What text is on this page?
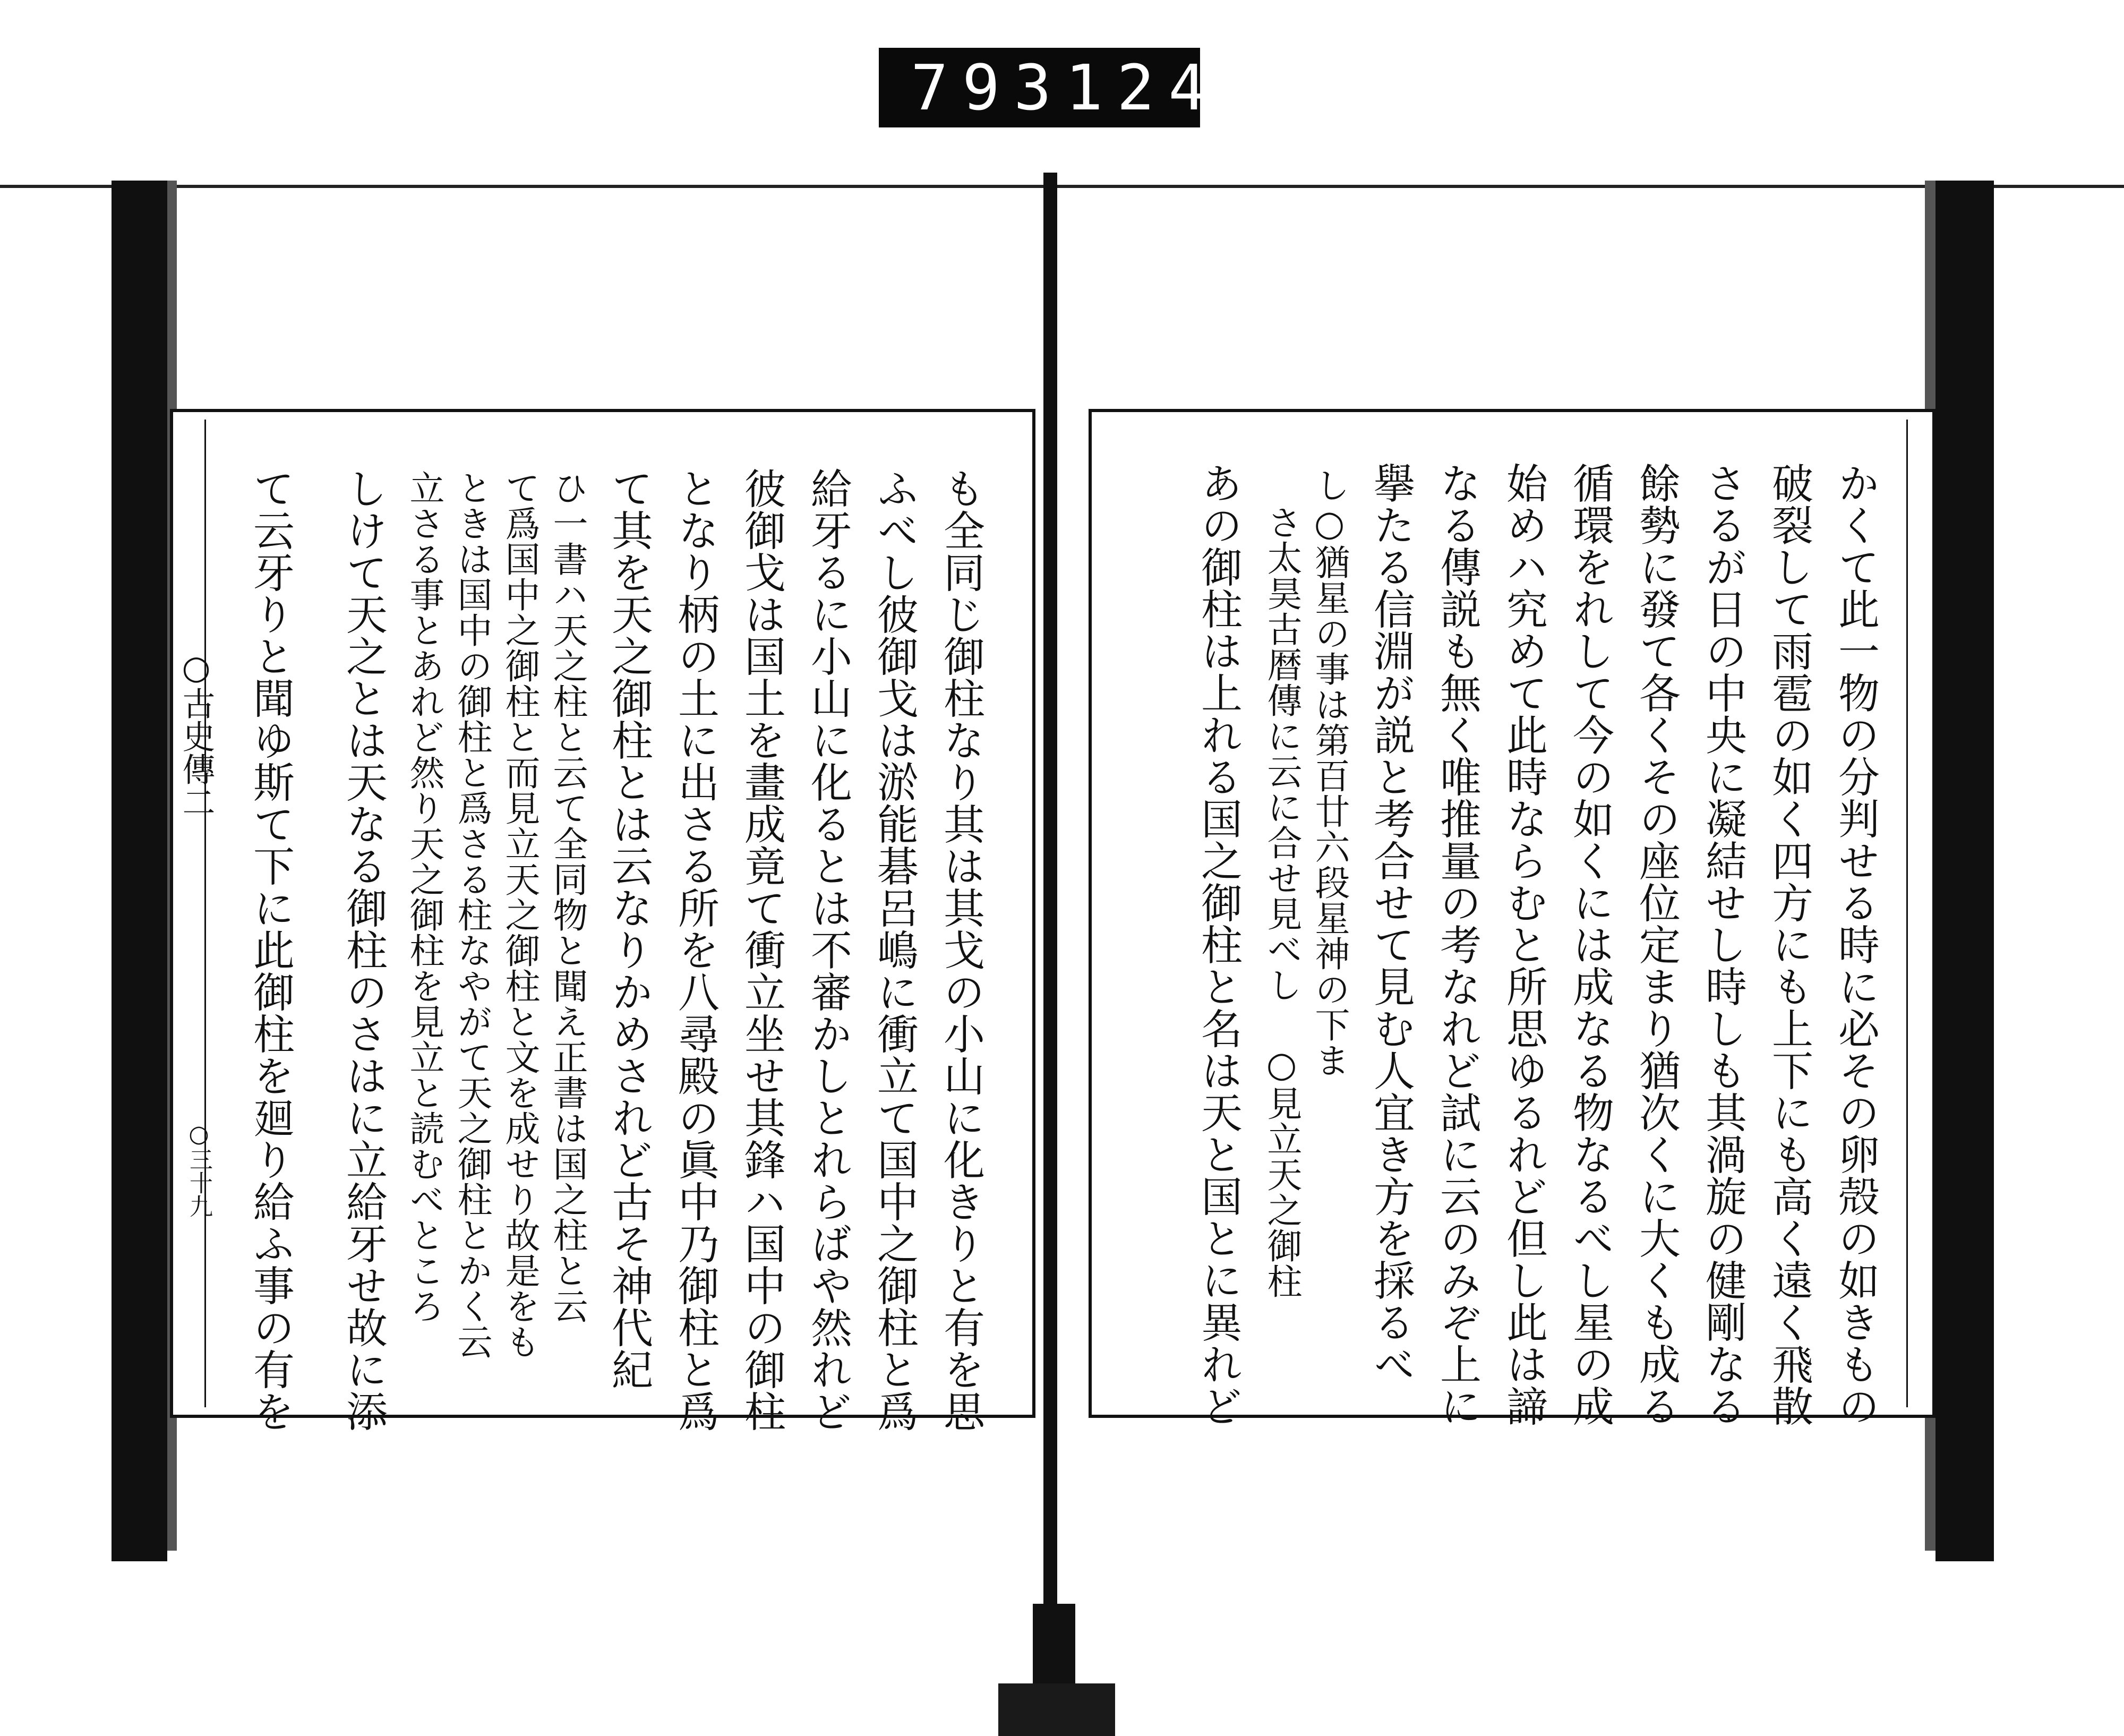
793 124
○古史傳二
○三十九	かくて此一物の分判せる時に必その卵殻の如きもの
破裂して雨雹の如く四方にも上下にも高く遠く飛散
さるが日の中央に凝結せし時しも其渦旋の健剛なる
餘勢に發て各くその座位定まり猶次くに大くも成る
循環をれして今の如くには成なる物なるべし星の成
始めハ究めて此時ならむと所思ゆるれど但し此は諦
なる傳説も無く唯推量の考なれど試に云のみぞ上に
擧たる信淵が説と考合せて見む人宜き方を採るべ
し○猶星の事は第百廿六段星神の下ま
さ太昊古暦傳に云に合せ見べし ○見立天之御柱
あの御柱は上れる国之御柱と名は天と国とに異れど
も全同じ御柱なり其は其戈の小山に化きりと有を思
ふべし彼御戈は淤能碁呂嶋に衝立て国中之御柱と爲
給牙るに小山に化るとは不審かしとれらばや然れど
彼御戈は国土を畫成竟て衝立坐せ其鋒ハ国中の御柱
となり柄の土に出さる所を八尋殿の眞中乃御柱と爲
て其を天之御柱とは云なりかめされど古そ神代紀
ひ一書ハ天之柱と云て全同物と聞え正書は国之柱と云
て爲国中之御柱と而見立天之御柱と文を成せり故是をも
ときは国中の御柱と爲さる柱なやがて天之御柱とかく云
立さる事とあれど然り天之御柱を見立と読むべところ
しけて天之とは天なる御柱のさはに立給牙せ故に添
て云牙りと聞ゆ斯て下に此御柱を廻り給ふ事の有を
